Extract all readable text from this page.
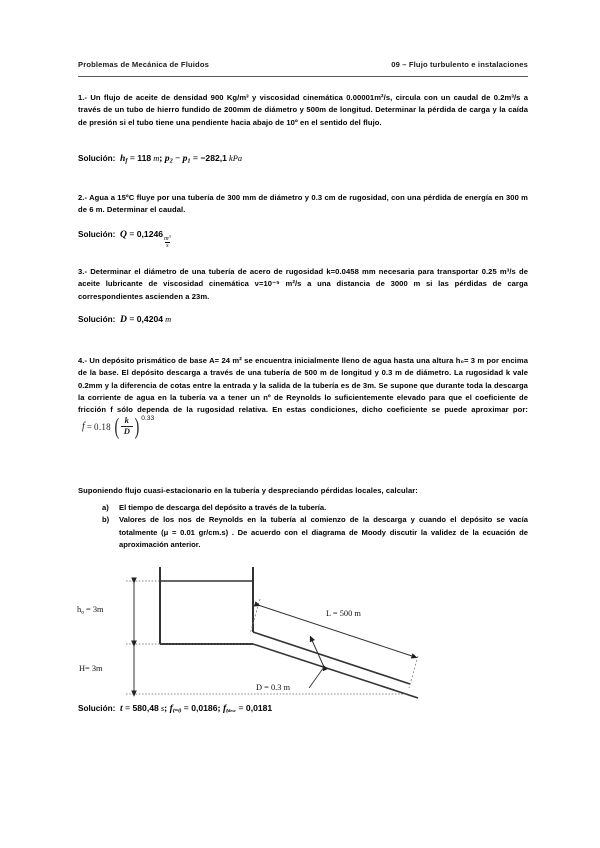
Problemas de Mecánica de Fluidos	09 – Flujo turbulento e instalaciones
1.- Un flujo de aceite de densidad 900 Kg/m³ y viscosidad cinemática 0.00001m²/s, circula con un caudal de 0.2m³/s a través de un tubo de hierro fundido de 200mm de diámetro y 500m de longitud. Determinar la pérdida de carga y la caída de presión si el tubo tiene una pendiente hacia abajo de 10º en el sentido del flujo.
Solución:  $h_f = 118$ m; $p_2 - p_1 = -282,1$ kPa
2.- Agua a 15ºC fluye por una tubería de 300 mm de diámetro y 0.3 cm de rugosidad, con una pérdida de energía en 300 m de 6 m. Determinar el caudal.
Solución:  Q = 0,1246
$\frac{m^3}{s}$
3.- Determinar el diámetro de una tubería de acero de rugosidad k=0.0458 mm necesaria para transportar 0.25 m³/s de aceite lubricante de viscosidad cinemática ν=10⁻⁵ m²/s a una distancia de 3000 m si las pérdidas de carga correspondientes ascienden a 23m.
Solución:  D = 0,4204 m
4.- Un depósito prismático de base A= 24 m² se encuentra inicialmente lleno de agua hasta una altura h₀= 3 m por encima de la base. El depósito descarga a través de una tubería de 500 m de longitud y 0.3 m de diámetro. La rugosidad k vale 0.2mm y la diferencia de cotas entre la entrada y la salida de la tubería es de 3m. Se supone que durante toda la descarga la corriente de agua en la tubería va a tener un nº de Reynolds lo suficientemente elevado para que el coeficiente de fricción f sólo dependa de la rugosidad relativa. En estas condiciones, dicho coeficiente se puede aproximar por:
f = 0.18 ( $\frac{k}{D}$ ) 0.33
Suponiendo flujo cuasi-estacionario en la tubería y despreciando pérdidas locales, calcular:
a)	El tiempo de descarga del depósito a través de la tubería.
b)	Valores de los nos de Reynolds en la tubería al comienzo de la descarga y cuando el depósito se vacía totalmente (μ = 0.01 gr/cm.s) . De acuerdo con el diagrama de Moody discutir la validez de la ecuación de aproximación anterior.
$h_o = 3m$
H= 3m
L = 500 m
D = 0.3 m
Solución:  t = 580,48 s; $f_{t=0} = 0,0186$; $f_{tdesc} = 0,0181$
